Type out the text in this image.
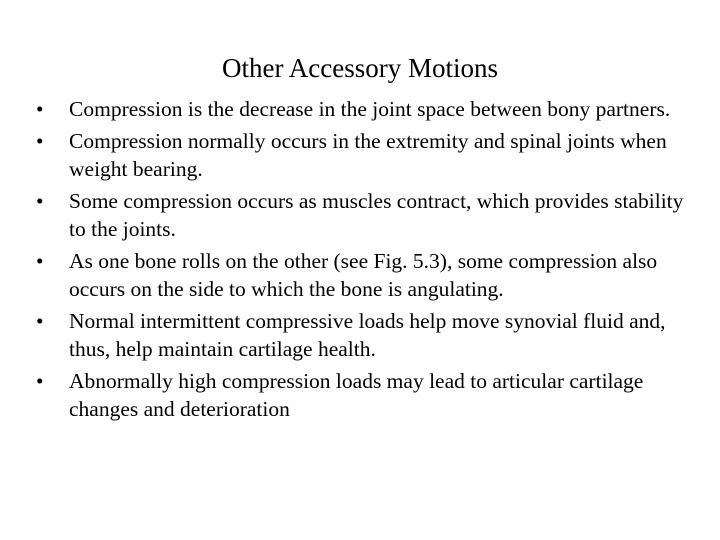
Other Accessory Motions
•	Compression is the decrease in the joint space between bony partners.
•	Compression normally occurs in the extremity and spinal joints when weight bearing.
•	Some compression occurs as muscles contract, which provides stability to the joints.
•	As one bone rolls on the other (see Fig. 5.3), some compression also occurs on the side to which the bone is angulating.
•	Normal intermittent compressive loads help move synovial fluid and, thus, help maintain cartilage health.
•	Abnormally high compression loads may lead to articular cartilage changes and deterioration
